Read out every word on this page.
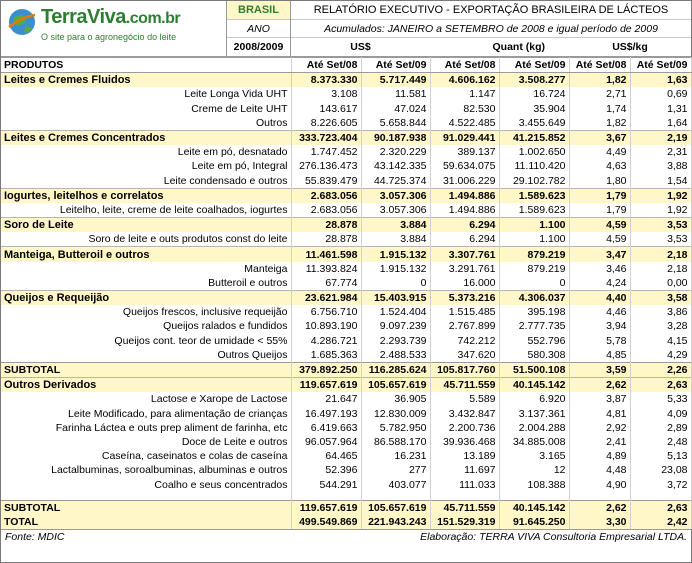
TerraViva.com.br
O site para o agronegócio do leite
BRASIL
ANO
2008/2009
RELATÓRIO EXECUTIVO - EXPORTAÇÃO BRASILEIRA DE LÁCTEOS
Acumulados: JANEIRO a SETEMBRO de 2008 e igual período de 2009
US$	Quant (kg)	US$/kg
PRODUTOS	Até Set/08	Até Set/09	Até Set/08	Até Set/09	Até Set/08	Até Set/09
Leites e Cremes Fluidos	8.373.330	5.717.449	4.606.162	3.508.277	1,82	1,63
Leite Longa Vida UHT	3.108	11.581	1.147	16.724	2,71	0,69
Creme de Leite UHT	143.617	47.024	82.530	35.904	1,74	1,31
Outros	8.226.605	5.658.844	4.522.485	3.455.649	1,82	1,64
Leites e Cremes Concentrados	333.723.404	90.187.938	91.029.441	41.215.852	3,67	2,19
Leite em pó, desnatado	1.747.452	2.320.229	389.137	1.002.650	4,49	2,31
Leite em pó, Integral	276.136.473	43.142.335	59.634.075	11.110.420	4,63	3,88
Leite condensado e outros	55.839.479	44.725.374	31.006.229	29.102.782	1,80	1,54
Iogurtes, leitelhos e correlatos	2.683.056	3.057.306	1.494.886	1.589.623	1,79	1,92
Leitelho, leite, creme de leite coalhados, iogurtes	2.683.056	3.057.306	1.494.886	1.589.623	1,79	1,92
Soro de Leite	28.878	3.884	6.294	1.100	4,59	3,53
Soro de leite e outs produtos const do leite	28.878	3.884	6.294	1.100	4,59	3,53
Manteiga, Butteroil e outros	11.461.598	1.915.132	3.307.761	879.219	3,47	2,18
Manteiga	11.393.824	1.915.132	3.291.761	879.219	3,46	2,18
Butteroil e outros	67.774	0	16.000	0	4,24	0,00
Queijos e Requeijão	23.621.984	15.403.915	5.373.216	4.306.037	4,40	3,58
Queijos frescos, inclusive requeijão	6.756.710	1.524.404	1.515.485	395.198	4,46	3,86
Queijos ralados e fundidos	10.893.190	9.097.239	2.767.899	2.777.735	3,94	3,28
Queijos cont. teor de umidade < 55%	4.286.721	2.293.739	742.212	552.796	5,78	4,15
Outros Queijos	1.685.363	2.488.533	347.620	580.308	4,85	4,29
SUBTOTAL	379.892.250	116.285.624	105.817.760	51.500.108	3,59	2,26
Outros Derivados	119.657.619	105.657.619	45.711.559	40.145.142	2,62	2,63
Lactose e Xarope de Lactose	21.647	36.905	5.589	6.920	3,87	5,33
Leite Modificado, para alimentação de crianças	16.497.193	12.830.009	3.432.847	3.137.361	4,81	4,09
Farinha Láctea e outs prep aliment de farinha, etc	6.419.663	5.782.950	2.200.736	2.004.288	2,92	2,89
Doce de Leite e outros	96.057.964	86.588.170	39.936.468	34.885.008	2,41	2,48
Caseína, caseinatos e colas de caseína	64.465	16.231	13.189	3.165	4,89	5,13
Lactalbuminas, soroalbuminas, albuminas e outros	52.396	277	11.697	12	4,48	23,08
Coalho e seus concentrados	544.291	403.077	111.033	108.388	4,90	3,72

SUBTOTAL	119.657.619	105.657.619	45.711.559	40.145.142	2,62	2,63
TOTAL	499.549.869	221.943.243	151.529.319	91.645.250	3,30	2,42
Fonte: MDIC	Elaboração: TERRA VIVA Consultoria Empresarial LTDA.
